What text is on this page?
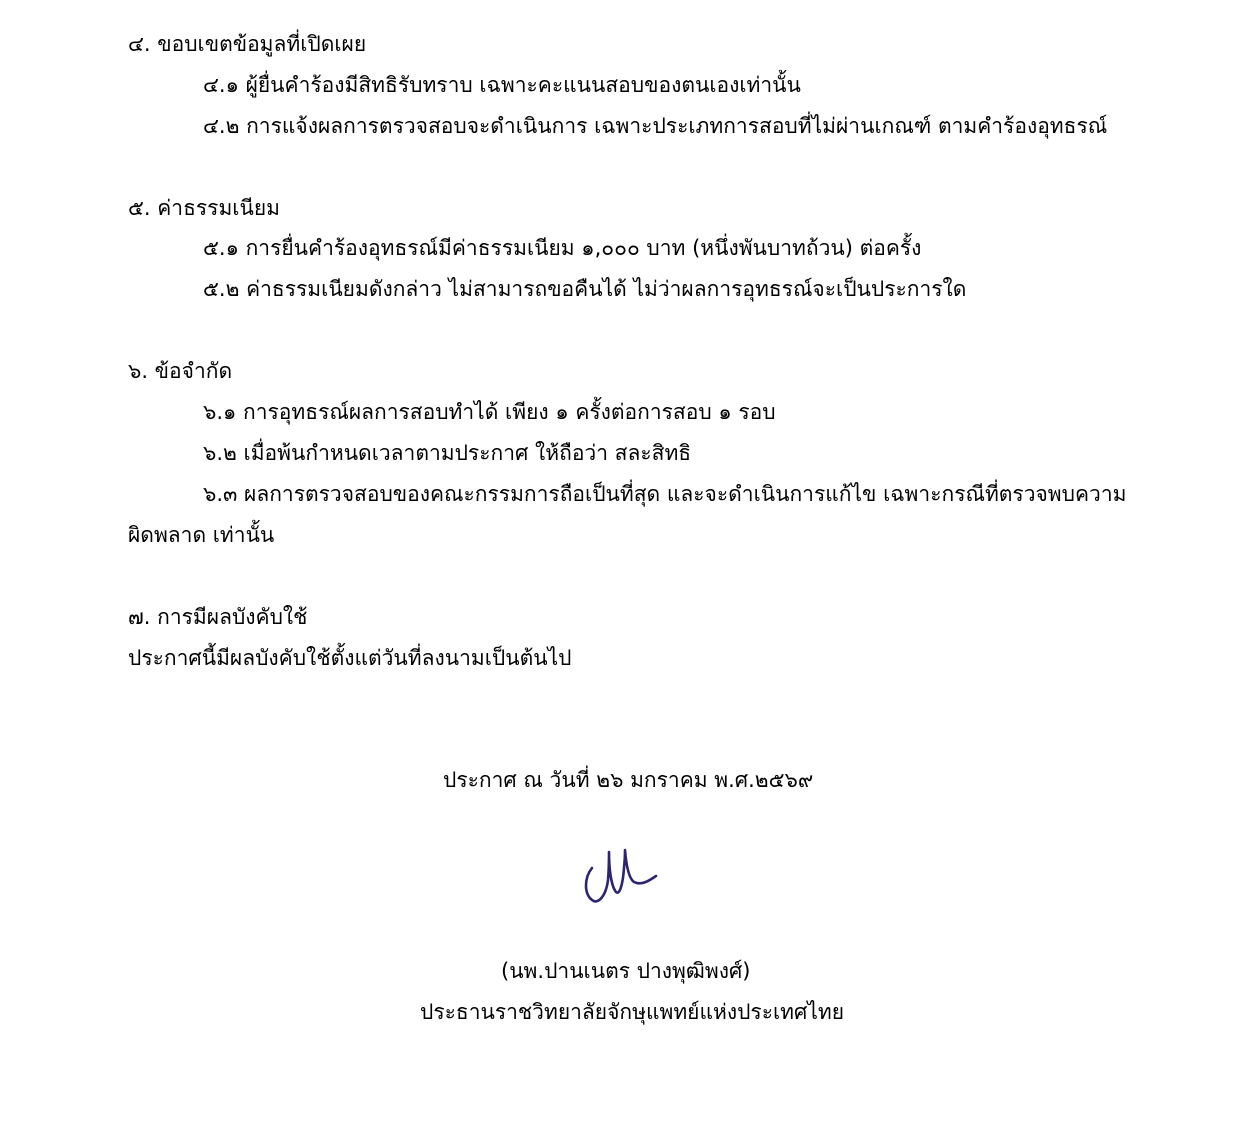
๔. ขอบเขตข้อมูลที่เปิดเผย
๔.๑ ผู้ยื่นคำร้องมีสิทธิรับทราบ เฉพาะคะแนนสอบของตนเองเท่านั้น
๔.๒ การแจ้งผลการตรวจสอบจะดำเนินการ เฉพาะประเภทการสอบที่ไม่ผ่านเกณฑ์ ตามคำร้องอุทธรณ์
๕. ค่าธรรมเนียม
๕.๑ การยื่นคำร้องอุทธรณ์มีค่าธรรมเนียม ๑,๐๐๐ บาท (หนึ่งพันบาทถ้วน) ต่อครั้ง
๕.๒ ค่าธรรมเนียมดังกล่าว ไม่สามารถขอคืนได้ ไม่ว่าผลการอุทธรณ์จะเป็นประการใด
๖. ข้อจำกัด
๖.๑ การอุทธรณ์ผลการสอบทำได้ เพียง ๑ ครั้งต่อการสอบ ๑ รอบ
๖.๒ เมื่อพ้นกำหนดเวลาตามประกาศ ให้ถือว่า สละสิทธิ
๖.๓ ผลการตรวจสอบของคณะกรรมการถือเป็นที่สุด และจะดำเนินการแก้ไข เฉพาะกรณีที่ตรวจพบความ
ผิดพลาด เท่านั้น
๗. การมีผลบังคับใช้
ประกาศนี้มีผลบังคับใช้ตั้งแต่วันที่ลงนามเป็นต้นไป
ประกาศ ณ วันที่ ๒๖ มกราคม พ.ศ.๒๕๖๙
(นพ.ปานเนตร ปางพุฒิพงศ์)
ประธานราชวิทยาลัยจักษุแพทย์แห่งประเทศไทย
